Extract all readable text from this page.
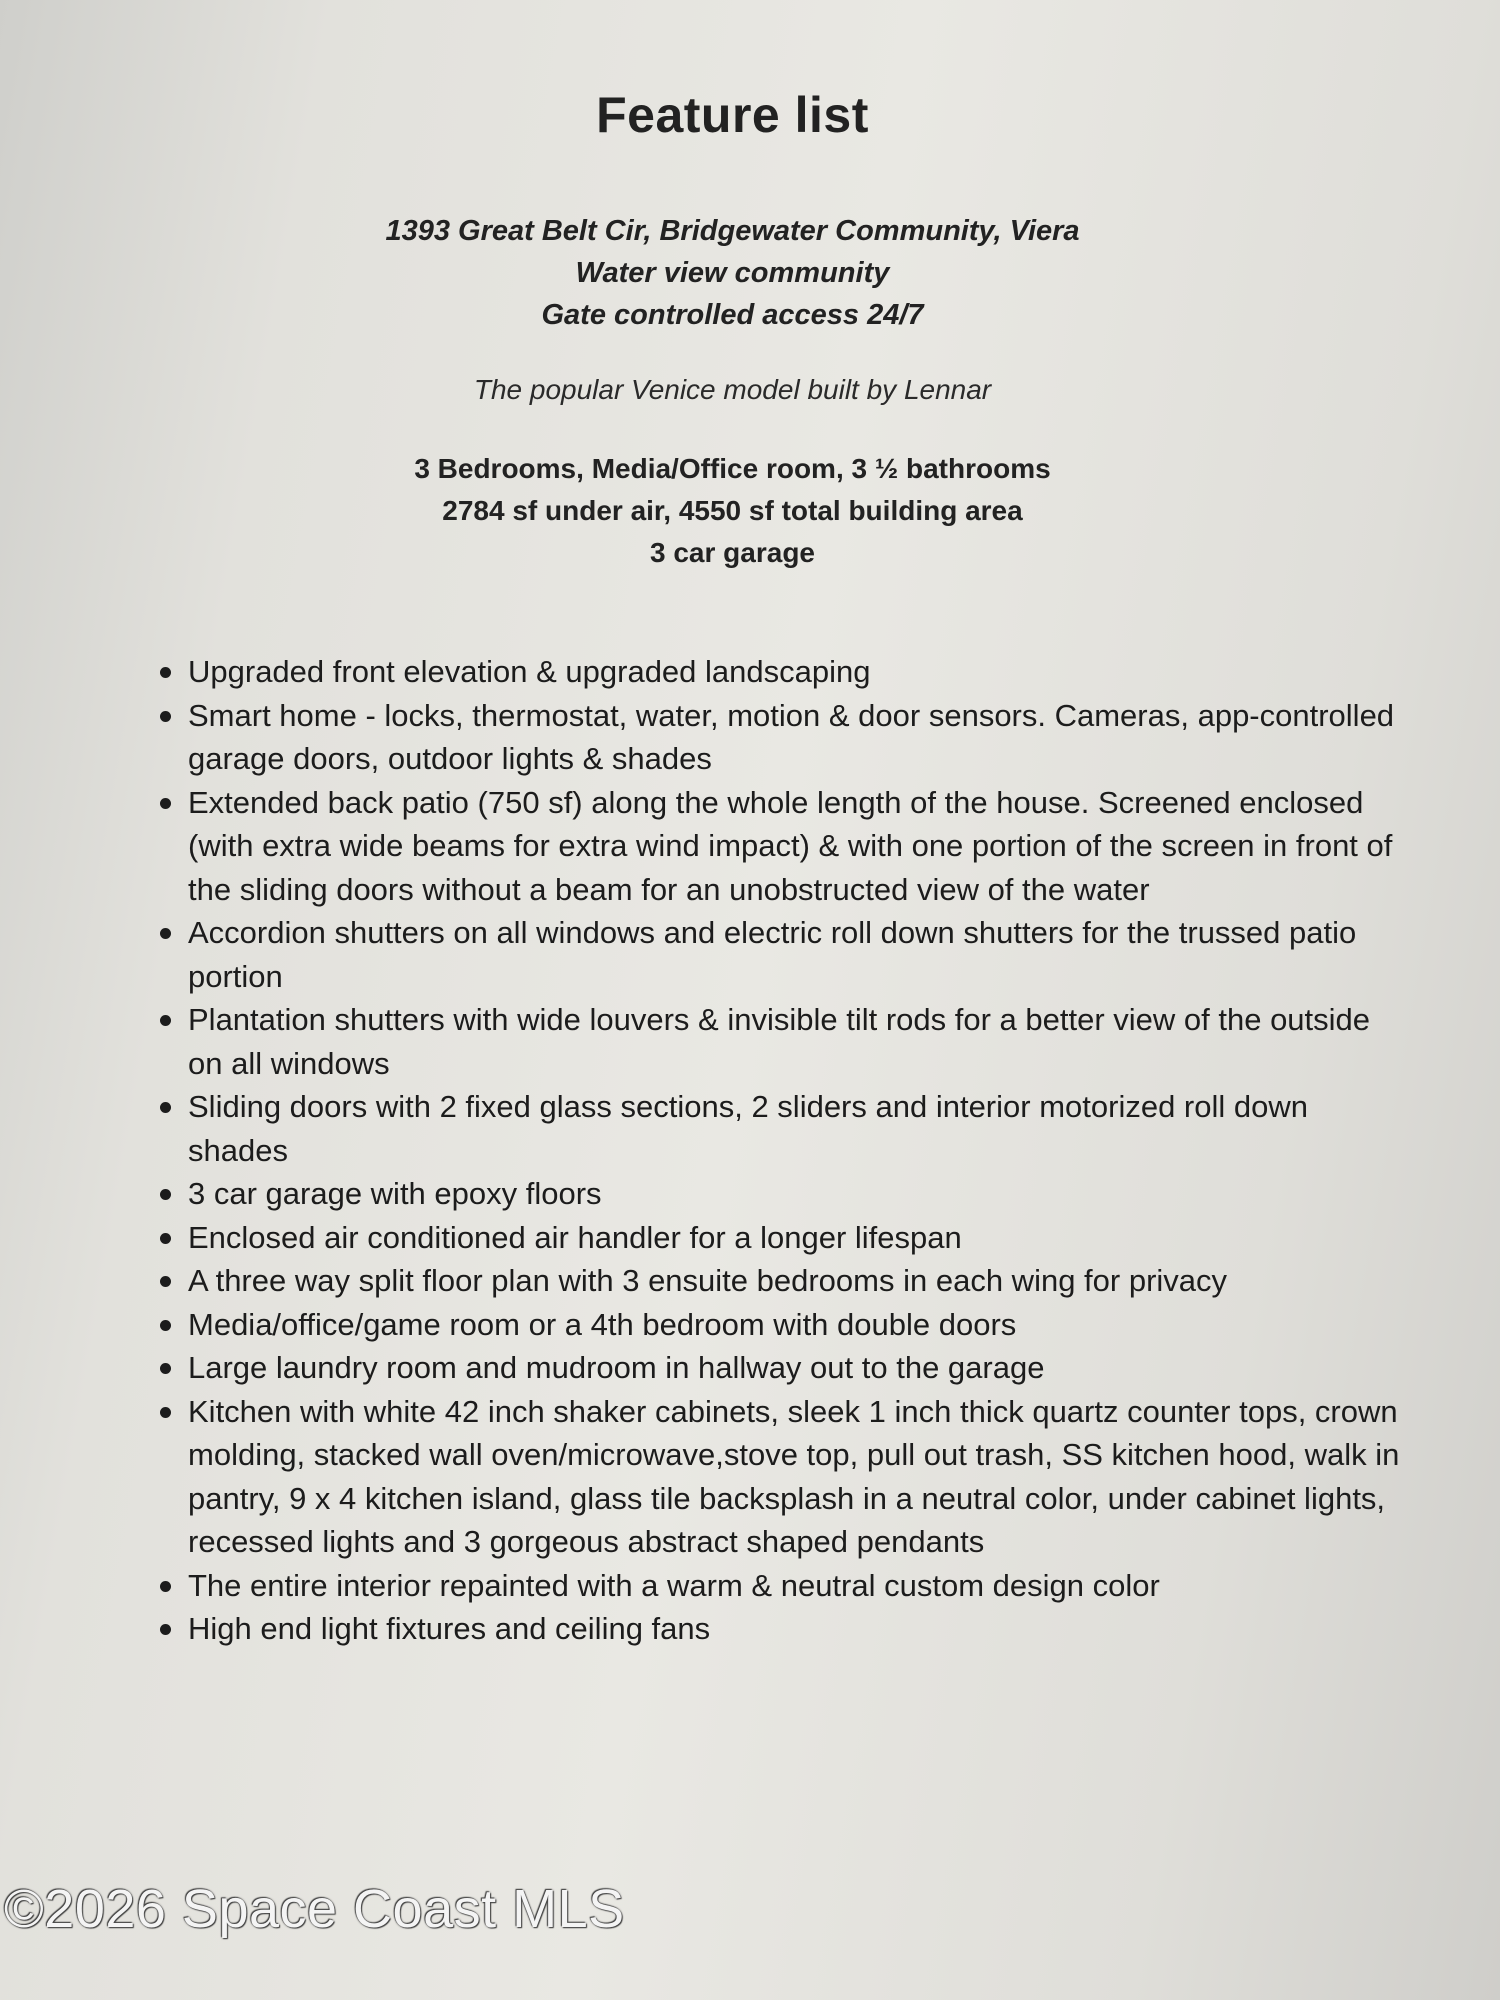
Feature list
1393 Great Belt Cir, Bridgewater Community, Viera
Water view community
Gate controlled access 24/7
The popular Venice model built by Lennar
3 Bedrooms, Media/Office room, 3 ½ bathrooms
2784 sf under air, 4550 sf total building area
3 car garage
Upgraded front elevation & upgraded landscaping
Smart home - locks, thermostat, water, motion & door sensors. Cameras, app-controlled garage doors, outdoor lights & shades
Extended back patio (750 sf) along the whole length of the house. Screened enclosed (with extra wide beams for extra wind impact) & with one portion of the screen in front of the sliding doors without a beam for an unobstructed view of the water
Accordion shutters on all windows and electric roll down shutters for the trussed patio portion
Plantation shutters with wide louvers & invisible tilt rods for a better view of the outside on all windows
Sliding doors with 2 fixed glass sections, 2 sliders and interior motorized roll down shades
3 car garage with epoxy floors
Enclosed air conditioned air handler for a longer lifespan
A three way split floor plan with 3 ensuite bedrooms in each wing for privacy
Media/office/game room or a 4th bedroom with double doors
Large laundry room and mudroom in hallway out to the garage
Kitchen with white 42 inch shaker cabinets, sleek 1 inch thick quartz counter tops, crown molding, stacked wall oven/microwave,stove top, pull out trash, SS kitchen hood, walk in pantry, 9 x 4 kitchen island, glass tile backsplash in a neutral color, under cabinet lights, recessed lights and 3 gorgeous abstract shaped pendants
The entire interior repainted with a warm & neutral custom design color
High end light fixtures and ceiling fans
©2026 Space Coast MLS
